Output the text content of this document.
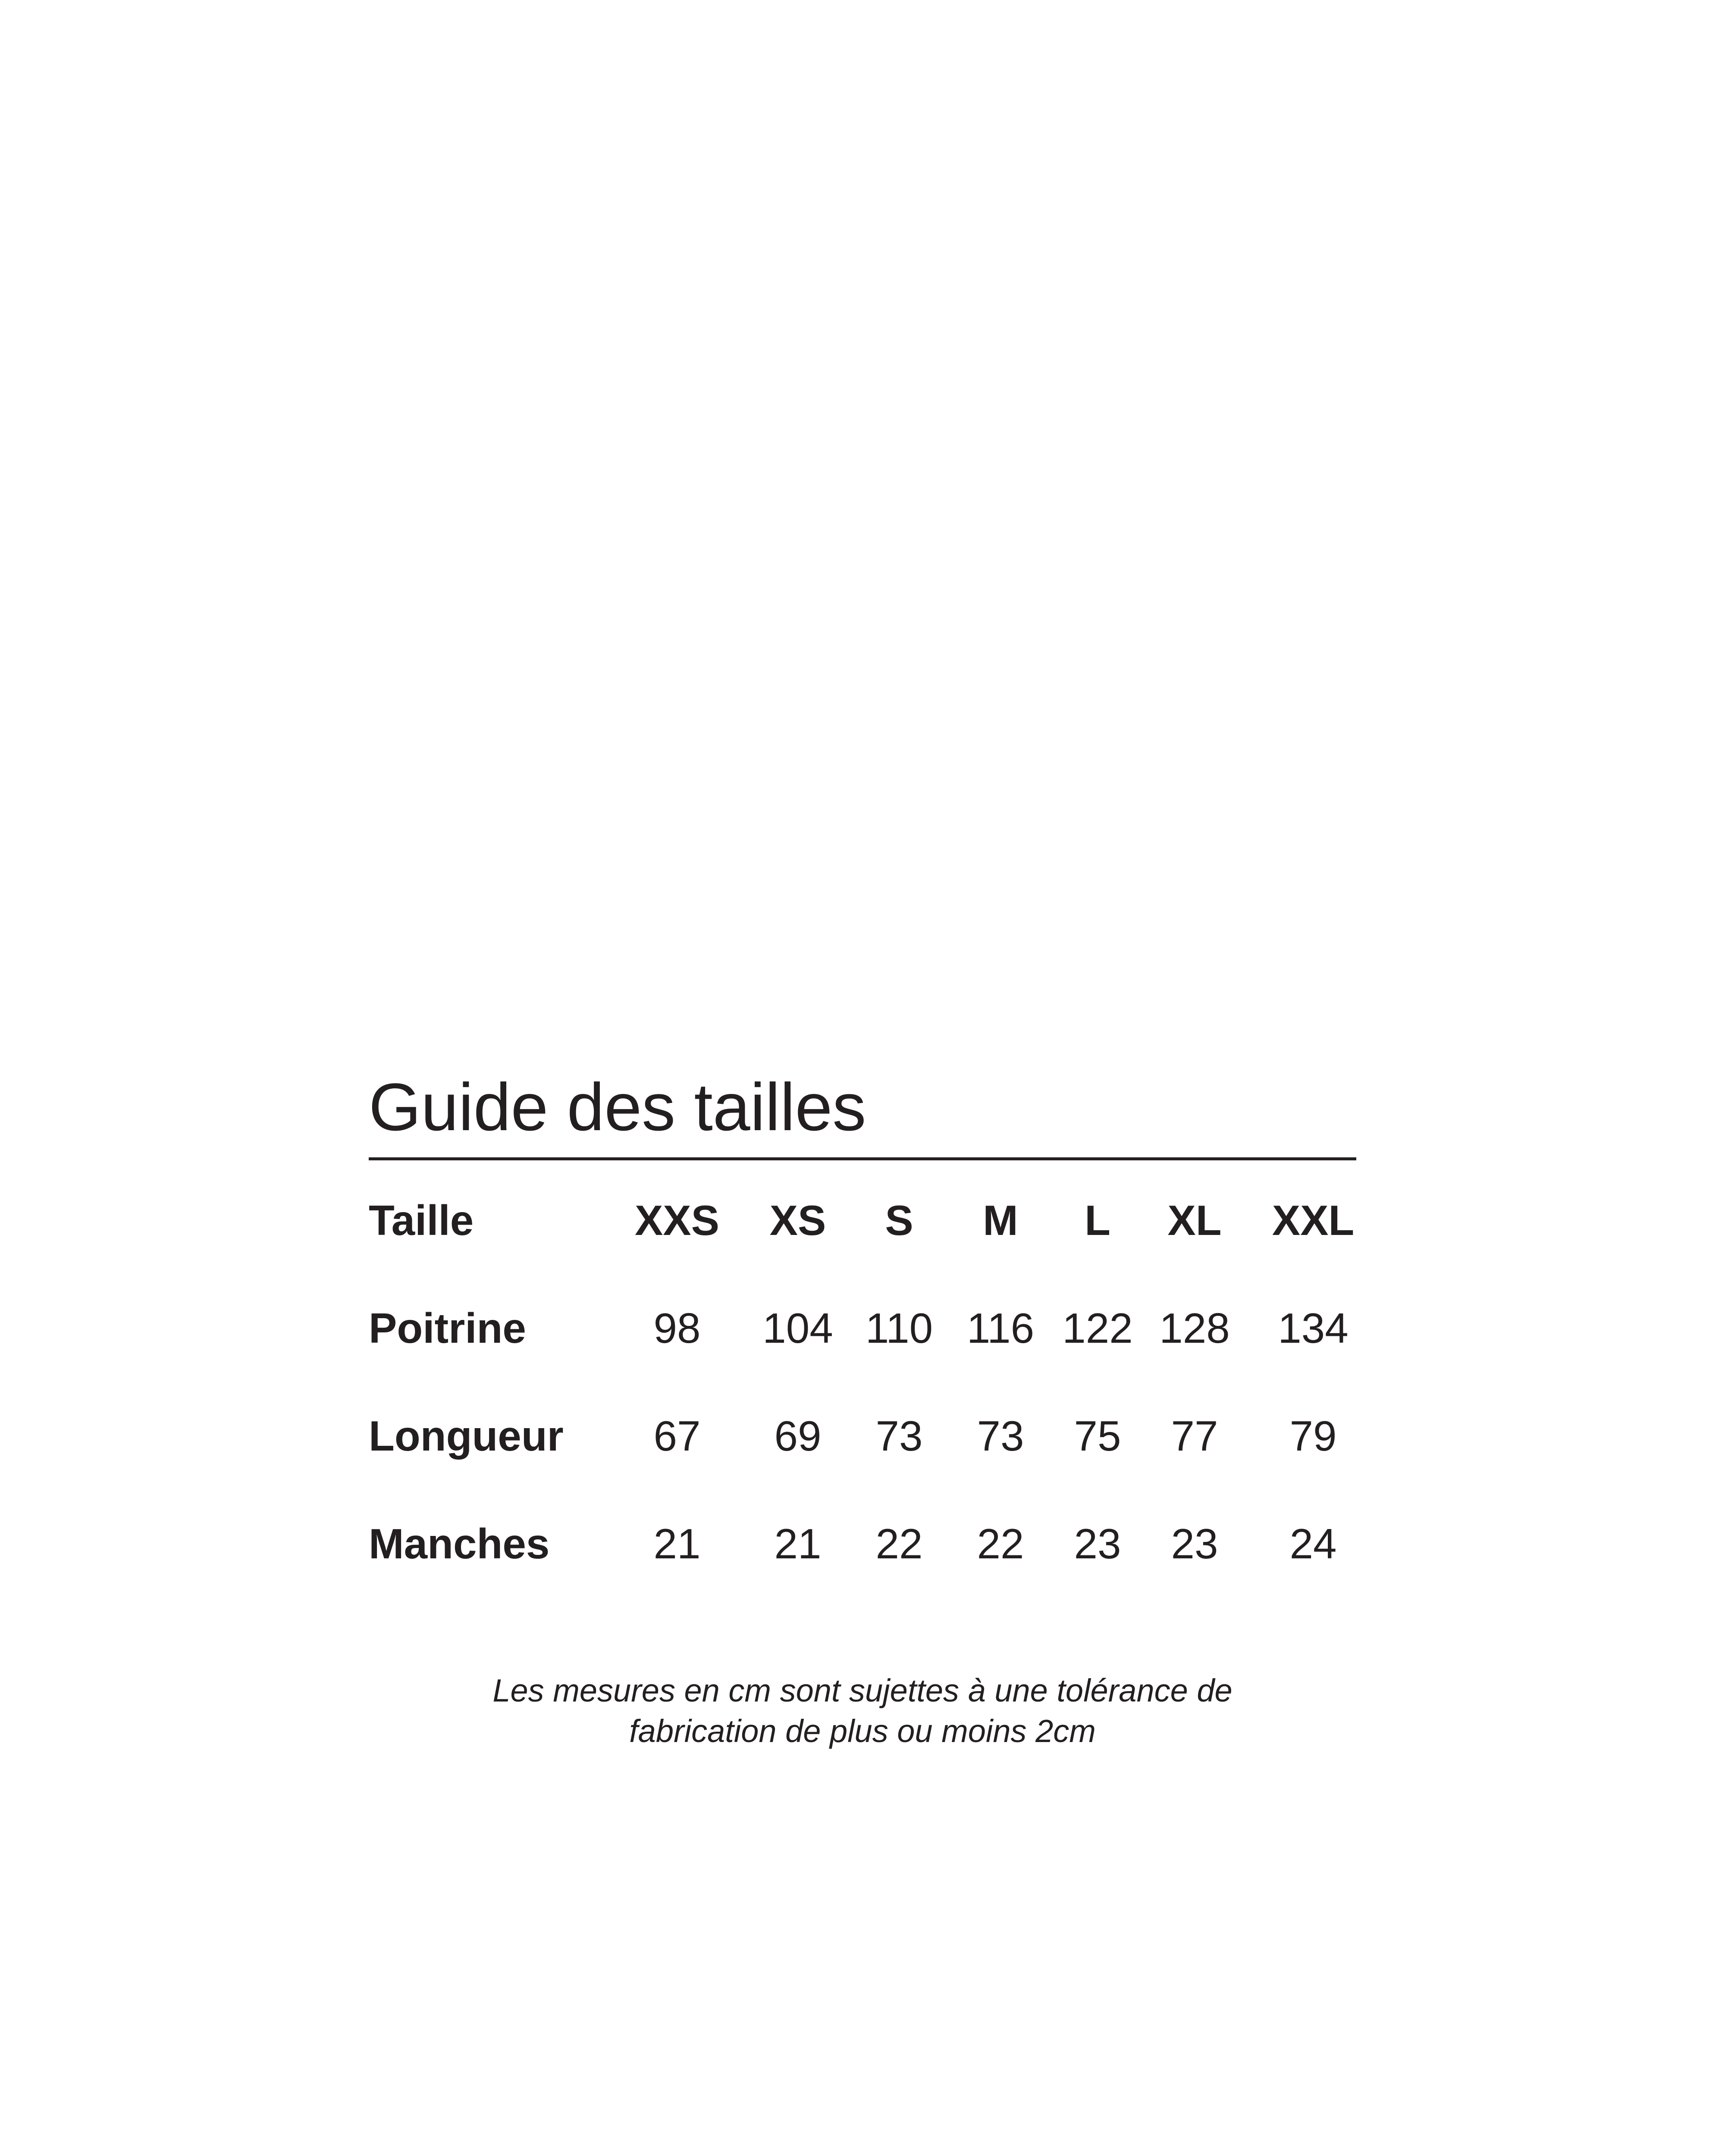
Guide des tailles
Taille	XXS XS S M L XL XXL
Poitrine	98 104 110 116 122 128 134
Longueur 67 69 73 73 75 77 79
Manches 21 21 22 22 23 23 24

Les mesures en cm sont sujettes à une tolérance de
fabrication de plus ou moins 2cm
